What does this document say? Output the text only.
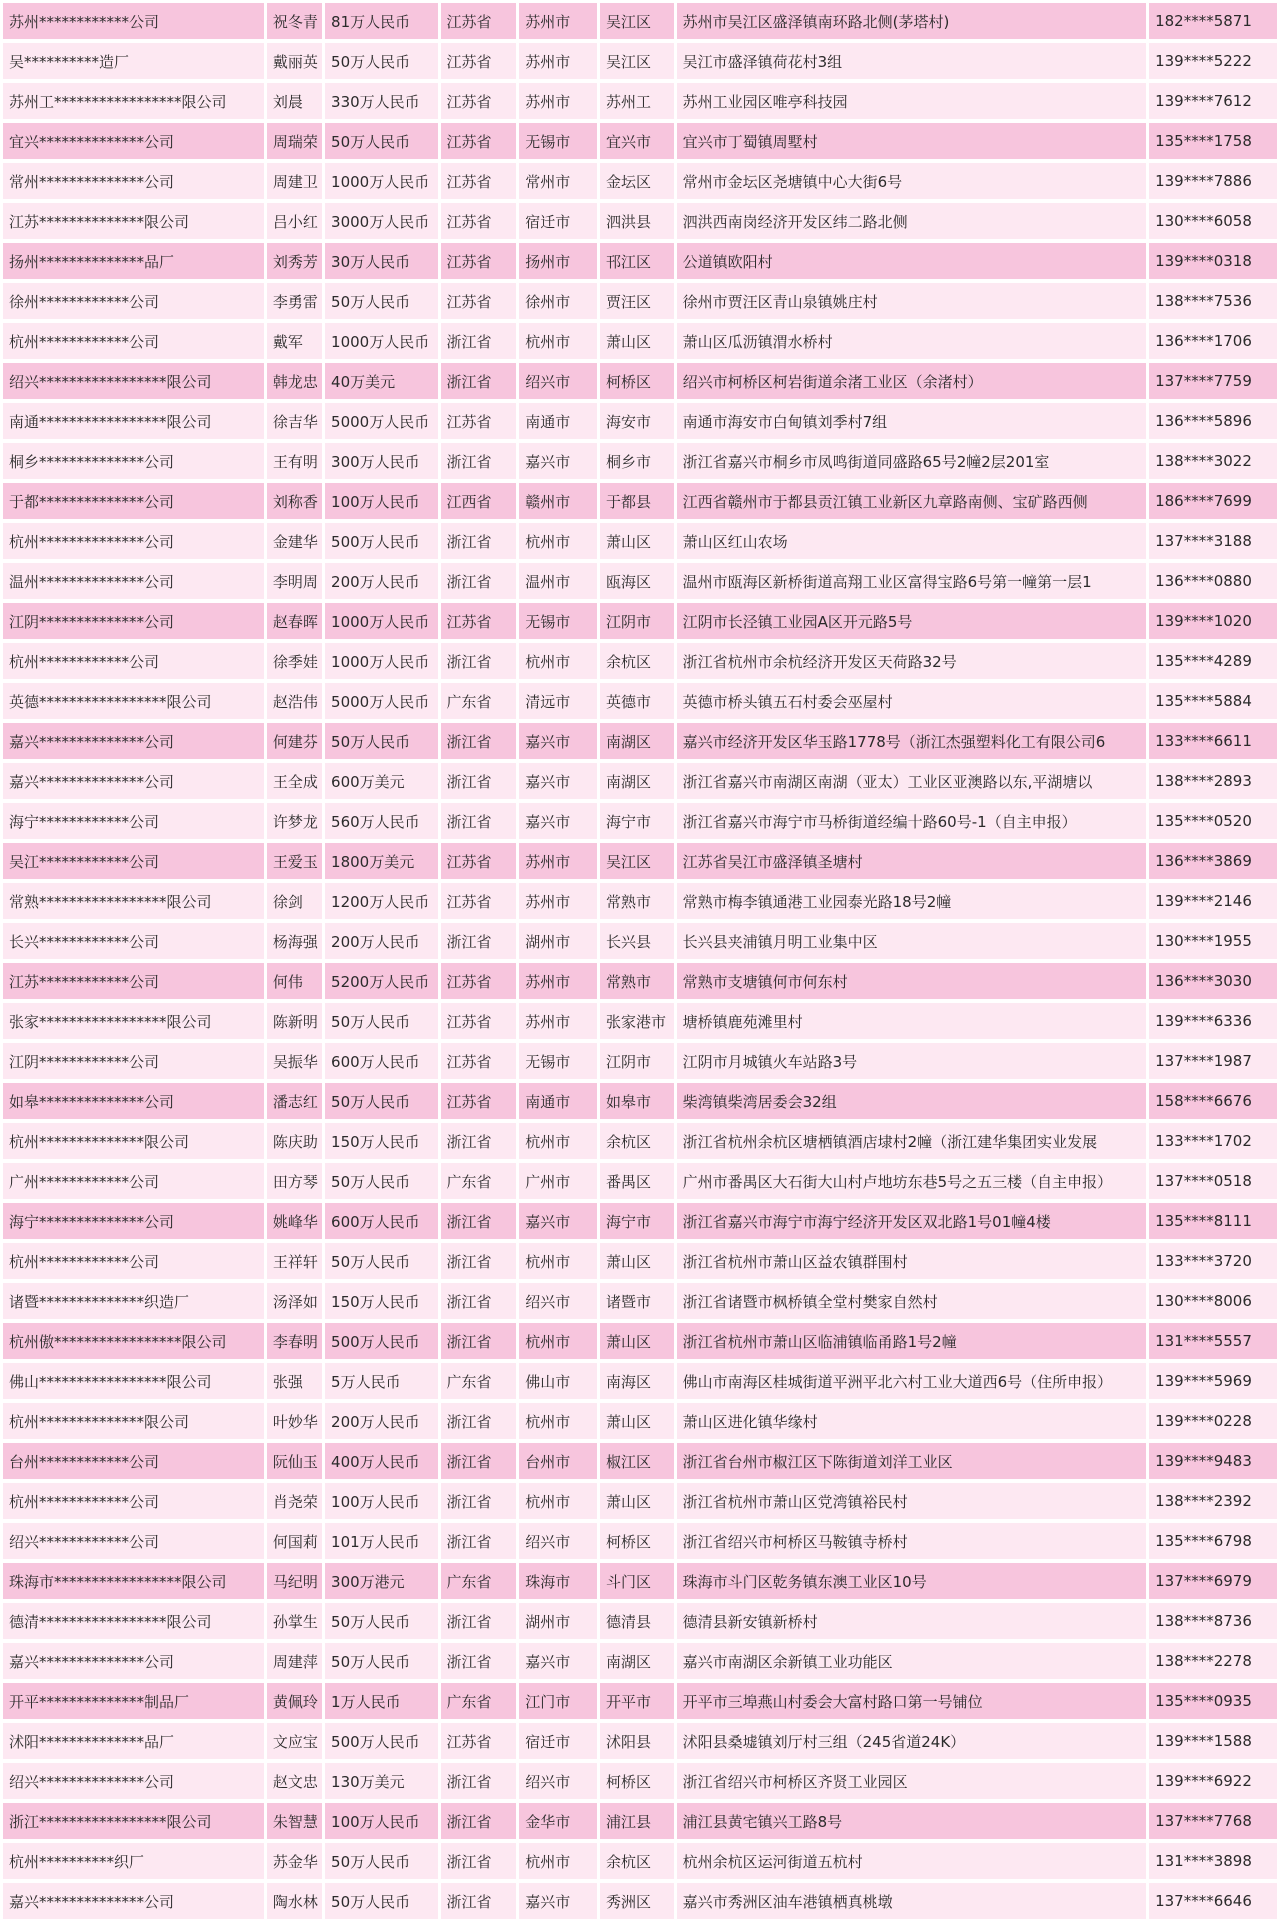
苏州************公司	祝冬青	81万人民币	江苏省	苏州市	吴江区	苏州市吴江区盛泽镇南环路北侧(茅塔村)	182****5871
吴**********造厂	戴丽英	50万人民币	江苏省	苏州市	吴江区	吴江市盛泽镇荷花村3组	139****5222
苏州工*****************限公司	刘晨	330万人民币	江苏省	苏州市	苏州工	苏州工业园区唯亭科技园	139****7612
宜兴**************公司	周瑞荣	50万人民币	江苏省	无锡市	宜兴市	宜兴市丁蜀镇周墅村	135****1758
常州**************公司	周建卫	1000万人民币	江苏省	常州市	金坛区	常州市金坛区尧塘镇中心大街6号	139****7886
江苏**************限公司	吕小红	3000万人民币	江苏省	宿迁市	泗洪县	泗洪西南岗经济开发区纬二路北侧	130****6058
扬州**************品厂	刘秀芳	30万人民币	江苏省	扬州市	邗江区	公道镇欧阳村	139****0318
徐州************公司	李勇雷	50万人民币	江苏省	徐州市	贾汪区	徐州市贾汪区青山泉镇姚庄村	138****7536
杭州************公司	戴军	1000万人民币	浙江省	杭州市	萧山区	萧山区瓜沥镇渭水桥村	136****1706
绍兴*****************限公司	韩龙忠	40万美元	浙江省	绍兴市	柯桥区	绍兴市柯桥区柯岩街道余渚工业区（余渚村）	137****7759
南通*****************限公司	徐吉华	5000万人民币	江苏省	南通市	海安市	南通市海安市白甸镇刘季村7组	136****5896
桐乡**************公司	王有明	300万人民币	浙江省	嘉兴市	桐乡市	浙江省嘉兴市桐乡市凤鸣街道同盛路65号2幢2层201室	138****3022
于都**************公司	刘称香	100万人民币	江西省	赣州市	于都县	江西省赣州市于都县贡江镇工业新区九章路南侧、宝矿路西侧	186****7699
杭州**************公司	金建华	500万人民币	浙江省	杭州市	萧山区	萧山区红山农场	137****3188
温州**************公司	李明周	200万人民币	浙江省	温州市	瓯海区	温州市瓯海区新桥街道高翔工业区富得宝路6号第一幢第一层1	136****0880
江阴**************公司	赵春晖	1000万人民币	江苏省	无锡市	江阴市	江阴市长泾镇工业园A区开元路5号	139****1020
杭州************公司	徐季娃	1000万人民币	浙江省	杭州市	余杭区	浙江省杭州市余杭经济开发区天荷路32号	135****4289
英德*****************限公司	赵浩伟	5000万人民币	广东省	清远市	英德市	英德市桥头镇五石村委会巫屋村	135****5884
嘉兴**************公司	何建芬	50万人民币	浙江省	嘉兴市	南湖区	嘉兴市经济开发区华玉路1778号（浙江杰强塑料化工有限公司6	133****6611
嘉兴**************公司	王全成	600万美元	浙江省	嘉兴市	南湖区	浙江省嘉兴市南湖区南湖（亚太）工业区亚澳路以东,平湖塘以	138****2893
海宁************公司	许梦龙	560万人民币	浙江省	嘉兴市	海宁市	浙江省嘉兴市海宁市马桥街道经编十路60号-1（自主申报）	135****0520
吴江************公司	王爱玉	1800万美元	江苏省	苏州市	吴江区	江苏省吴江市盛泽镇圣塘村	136****3869
常熟*****************限公司	徐剑	1200万人民币	江苏省	苏州市	常熟市	常熟市梅李镇通港工业园泰光路18号2幢	139****2146
长兴************公司	杨海强	200万人民币	浙江省	湖州市	长兴县	长兴县夹浦镇月明工业集中区	130****1955
江苏************公司	何伟	5200万人民币	江苏省	苏州市	常熟市	常熟市支塘镇何市何东村	136****3030
张家*****************限公司	陈新明	50万人民币	江苏省	苏州市	张家港市	塘桥镇鹿苑滩里村	139****6336
江阴************公司	吴振华	600万人民币	江苏省	无锡市	江阴市	江阴市月城镇火车站路3号	137****1987
如皋**************公司	潘志红	50万人民币	江苏省	南通市	如皋市	柴湾镇柴湾居委会32组	158****6676
杭州**************限公司	陈庆助	150万人民币	浙江省	杭州市	余杭区	浙江省杭州余杭区塘栖镇酒店埭村2幢（浙江建华集团实业发展	133****1702
广州************公司	田方琴	50万人民币	广东省	广州市	番禺区	广州市番禺区大石街大山村卢地坊东巷5号之五三楼（自主申报）	137****0518
海宁**************公司	姚峰华	600万人民币	浙江省	嘉兴市	海宁市	浙江省嘉兴市海宁市海宁经济开发区双北路1号01幢4楼	135****8111
杭州************公司	王祥轩	50万人民币	浙江省	杭州市	萧山区	浙江省杭州市萧山区益农镇群围村	133****3720
诸暨**************织造厂	汤泽如	150万人民币	浙江省	绍兴市	诸暨市	浙江省诸暨市枫桥镇全堂村樊家自然村	130****8006
杭州傲*****************限公司	李春明	500万人民币	浙江省	杭州市	萧山区	浙江省杭州市萧山区临浦镇临甬路1号2幢	131****5557
佛山*****************限公司	张强	5万人民币	广东省	佛山市	南海区	佛山市南海区桂城街道平洲平北六村工业大道西6号（住所申报）	139****5969
杭州**************限公司	叶妙华	200万人民币	浙江省	杭州市	萧山区	萧山区进化镇华缘村	139****0228
台州************公司	阮仙玉	400万人民币	浙江省	台州市	椒江区	浙江省台州市椒江区下陈街道刘洋工业区	139****9483
杭州************公司	肖尧荣	100万人民币	浙江省	杭州市	萧山区	浙江省杭州市萧山区党湾镇裕民村	138****2392
绍兴************公司	何国莉	101万人民币	浙江省	绍兴市	柯桥区	浙江省绍兴市柯桥区马鞍镇寺桥村	135****6798
珠海市*****************限公司	马纪明	300万港元	广东省	珠海市	斗门区	珠海市斗门区乾务镇东澳工业区10号	137****6979
德清*****************限公司	孙掌生	50万人民币	浙江省	湖州市	德清县	德清县新安镇新桥村	138****8736
嘉兴**************公司	周建萍	50万人民币	浙江省	嘉兴市	南湖区	嘉兴市南湖区余新镇工业功能区	138****2278
开平**************制品厂	黄佩玲	1万人民币	广东省	江门市	开平市	开平市三埠燕山村委会大富村路口第一号铺位	135****0935
沭阳**************品厂	文应宝	500万人民币	江苏省	宿迁市	沭阳县	沭阳县桑墟镇刘厅村三组（245省道24K）	139****1588
绍兴**************公司	赵文忠	130万美元	浙江省	绍兴市	柯桥区	浙江省绍兴市柯桥区齐贤工业园区	139****6922
浙江*****************限公司	朱智慧	100万人民币	浙江省	金华市	浦江县	浦江县黄宅镇兴工路8号	137****7768
杭州**********织厂	苏金华	50万人民币	浙江省	杭州市	余杭区	杭州余杭区运河街道五杭村	131****3898
嘉兴**************公司	陶水林	50万人民币	浙江省	嘉兴市	秀洲区	嘉兴市秀洲区油车港镇栖真桃墩	137****6646
